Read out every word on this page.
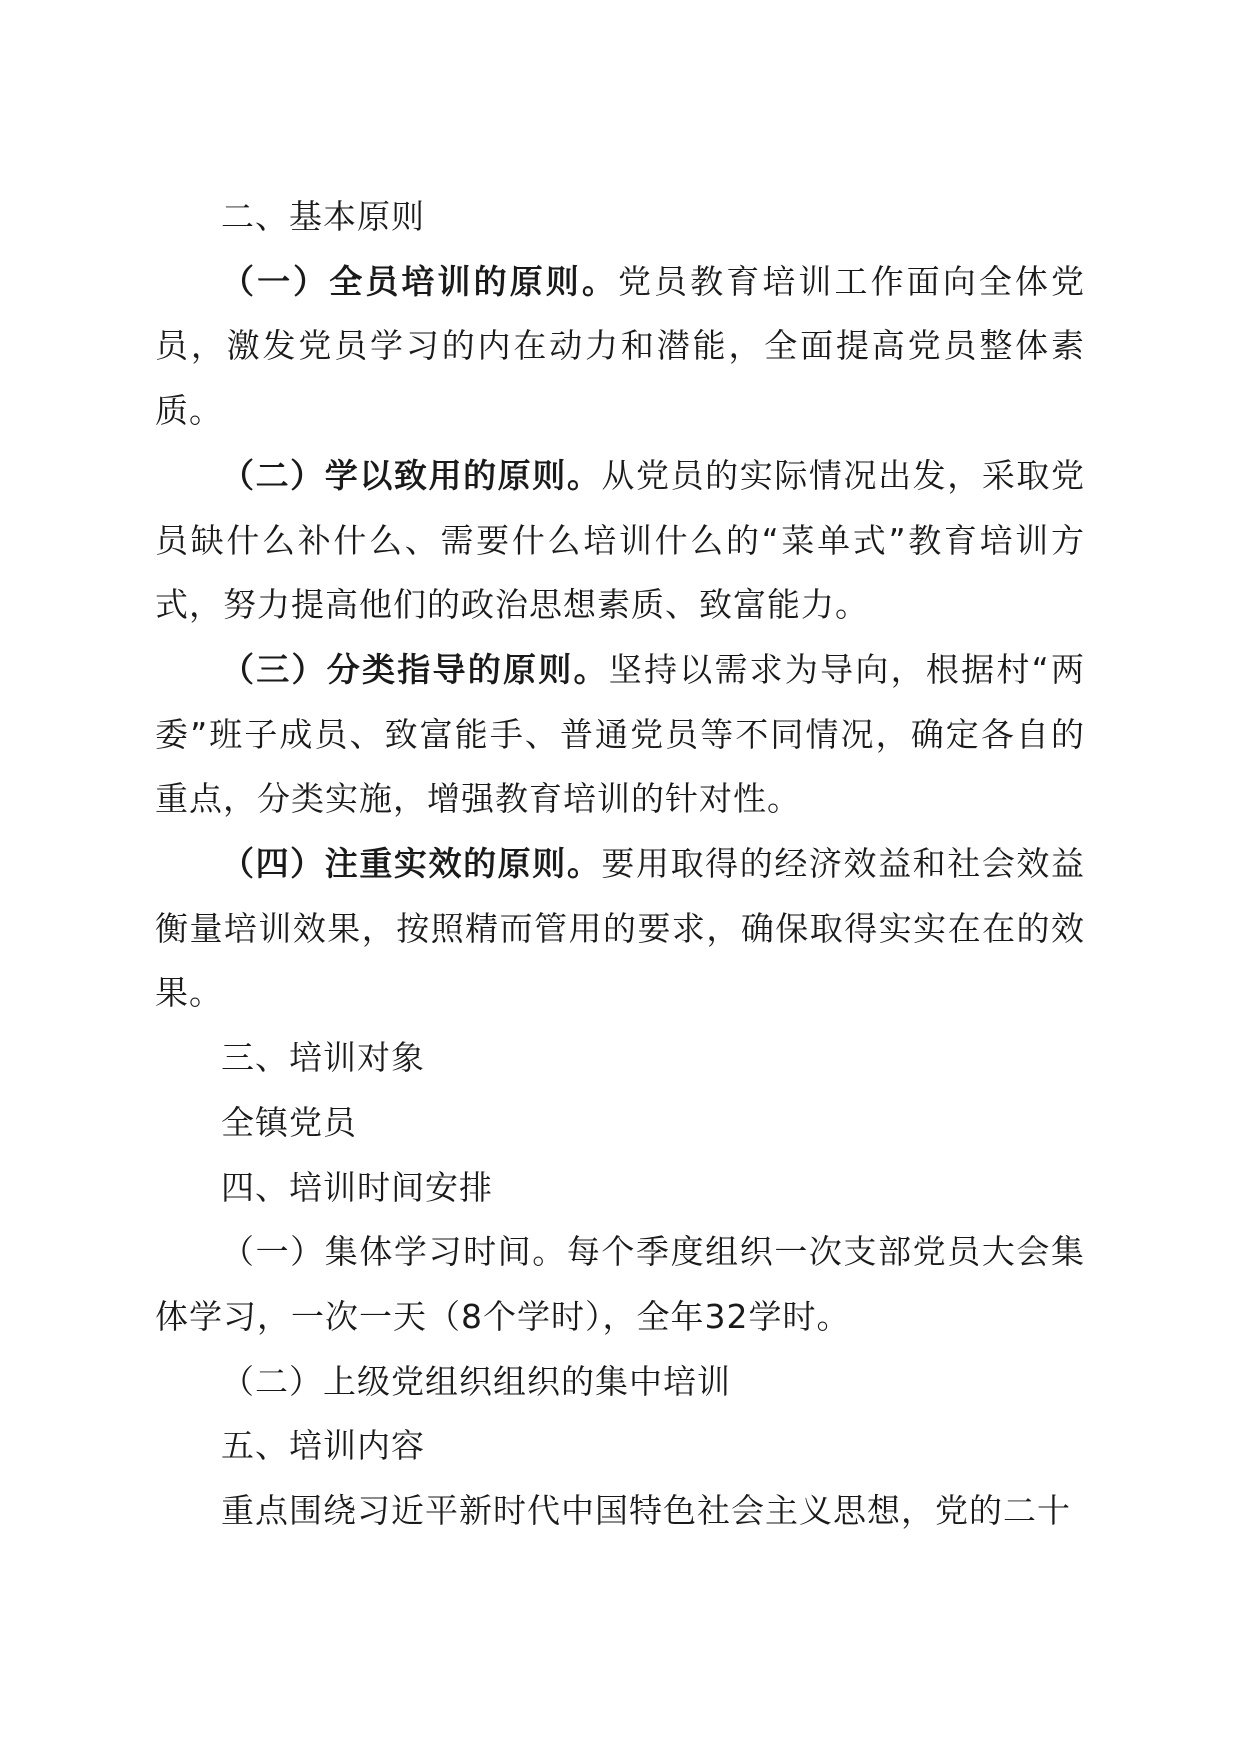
二、基本原则

（一）全员培训的原则。党员教育培训工作面向全体党员，激发党员学习的内在动力和潜能，全面提高党员整体素质。

（二）学以致用的原则。从党员的实际情况出发，采取党员缺什么补什么、需要什么培训什么的“菜单式”教育培训方式，努力提高他们的政治思想素质、致富能力。

（三）分类指导的原则。坚持以需求为导向，根据村“两委”班子成员、致富能手、普通党员等不同情况，确定各自的重点，分类实施，增强教育培训的针对性。

（四）注重实效的原则。要用取得的经济效益和社会效益衡量培训效果，按照精而管用的要求，确保取得实实在在的效果。

三、培训对象

全镇党员

四、培训时间安排

（一）集体学习时间。每个季度组织一次支部党员大会集体学习，一次一天（8个学时），全年32学时。

（二）上级党组织组织的集中培训

五、培训内容

重点围绕习近平新时代中国特色社会主义思想，党的二十
